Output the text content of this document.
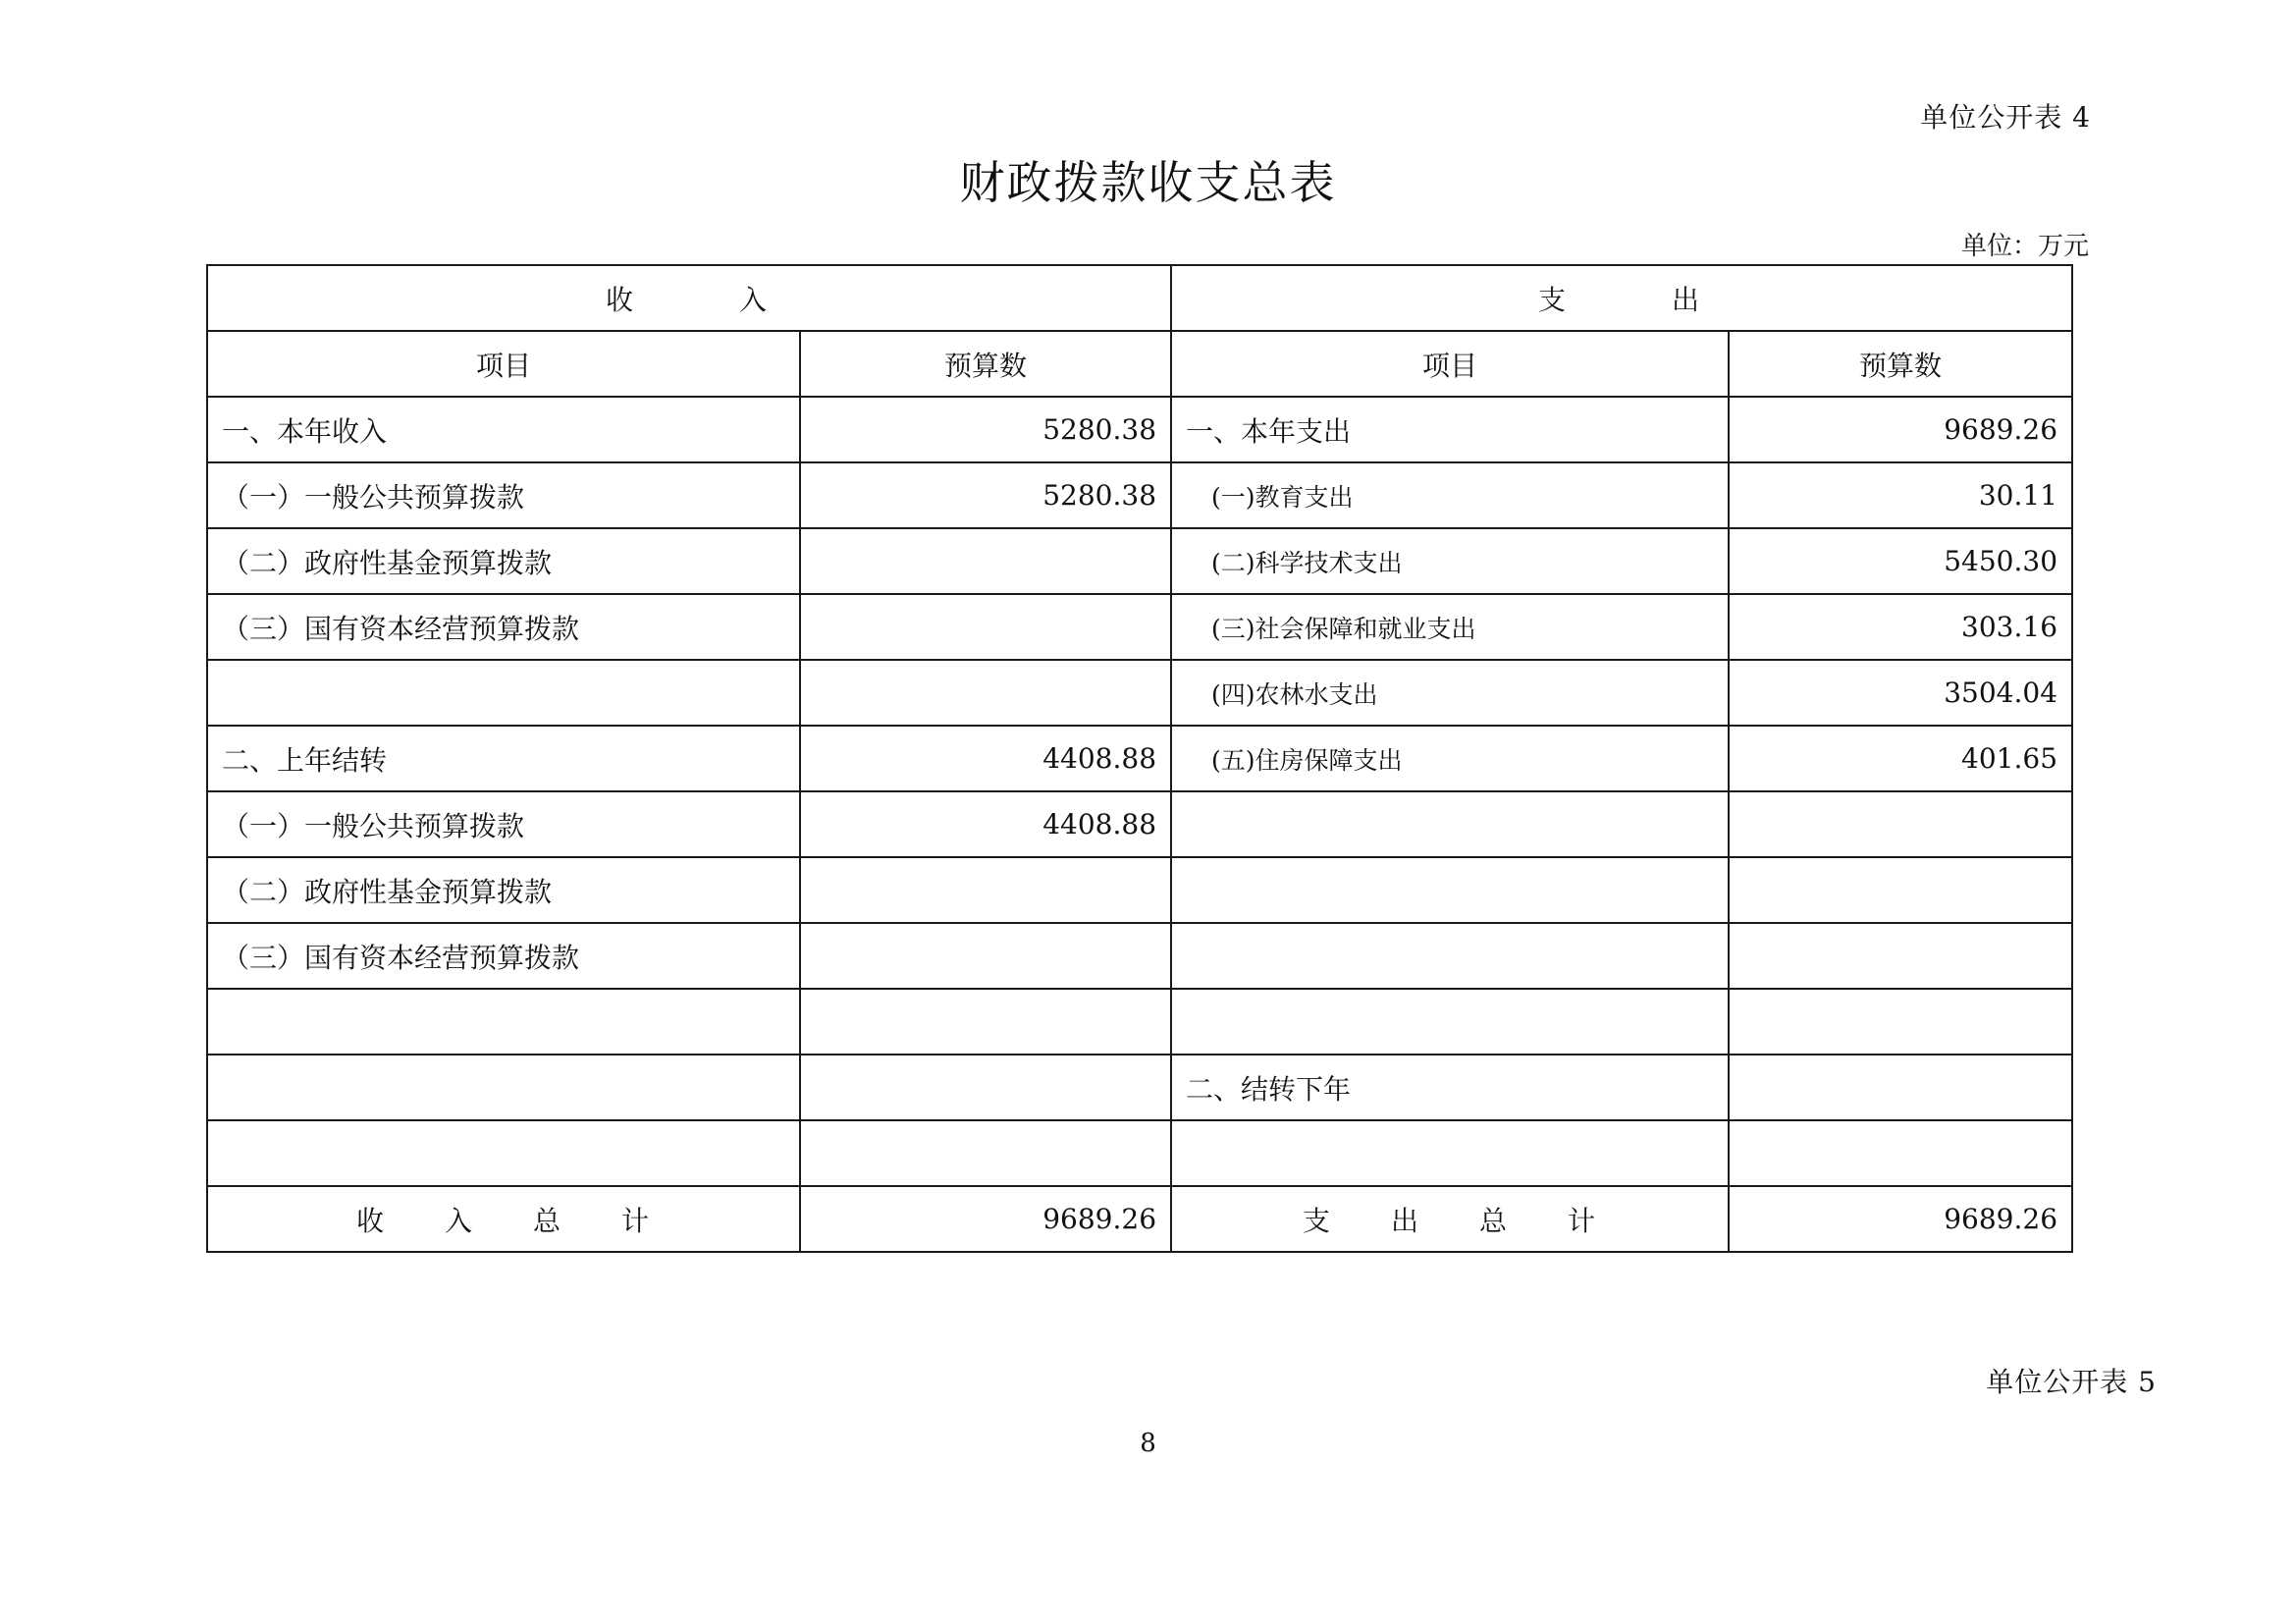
单位公开表 4
财政拨款收支总表
单位：万元
收　　　入		支　　　出	
项目	预算数	项目	预算数
一、本年收入	5280.38	一、本年支出	9689.26
（一）一般公共预算拨款	5280.38	(一)教育支出	30.11
（二）政府性基金预算拨款		(二)科学技术支出	5450.30
（三）国有资本经营预算拨款		(三)社会保障和就业支出	303.16
		(四)农林水支出	3504.04
二、上年结转	4408.88	(五)住房保障支出	401.65
（一）一般公共预算拨款	4408.88		
（二）政府性基金预算拨款			
（三）国有资本经营预算拨款			

		二、结转下年	

收　　入　　总　　计	9689.26	支　　出　　总　　计	9689.26
单位公开表 5
8
